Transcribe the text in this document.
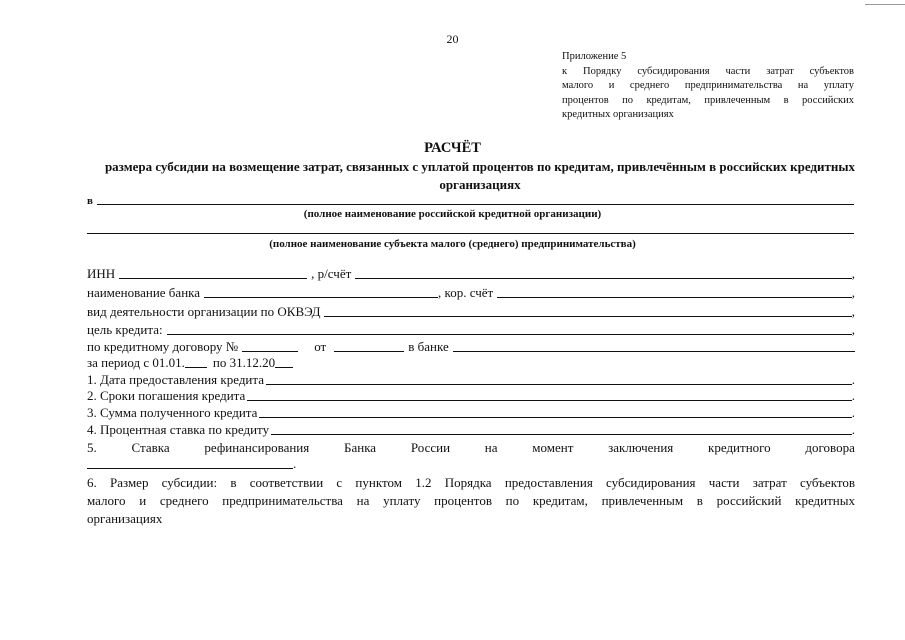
20
Приложение 5
к Порядку субсидирования части затрат субъектов
малого и среднего предпринимательства на уплату
процентов по кредитам, привлеченным в российских
кредитных организациях
РАСЧЁТ
размера субсидии на возмещение затрат, связанных с уплатой процентов по кредитам, привлечённым в российских кредитных организациях
в
(полное наименование российской кредитной организации)
(полное наименование субъекта малого (среднего) предпринимательства)
ИНН	, р/счёт	,
наименование банка	, кор. счёт	,
вид деятельности организации по ОКВЭД	,
цель кредита:	,
по кредитному договору №	от	в банке
за период с 01.01. по 31.12.20
1. Дата предоставления кредита	.
2. Сроки погашения кредита	.
3. Сумма полученного кредита	.
4. Процентная ставка по кредиту	.
5.	Ставка	рефинансирования	Банка	России	на	момент	заключения	кредитного	договора
.
6. Размер субсидии: в соответствии с пунктом 1.2 Порядка предоставления субсидирования части затрат субъектов
малого и среднего предпринимательства на уплату процентов по кредитам, привлеченным в российский кредитных
организациях
